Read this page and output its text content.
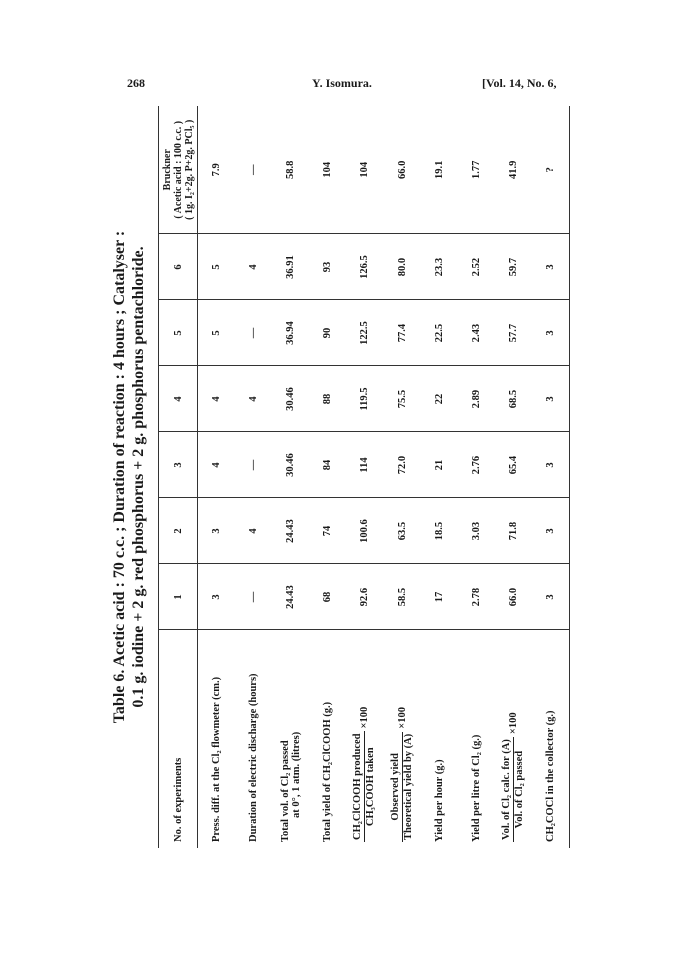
268	Y. Isomura.	[Vol. 14, No. 6,
Table 6. Acetic acid : 70 c.c. ; Duration of reaction : 4 hours ; Catalyser : 0.1 g. iodine + 2 g. red phosphorus + 2 g. phosphorus pentachloride.
No. of experiments	1	2	3	4	5	6	Bruckner ( Acetic acid : 100 c.c. ) ( 1g. I₂+2g. P+2g. PCl₅ )

Press. diff. at the Cl₂ flowmeter (cm.)	3	3	4	4	5	5	7.9
Duration of electric discharge (hours)	—	4	—	4	—	4	—
Total vol. of Cl₂ passed at 0°, 1 atm. (litres)	24.43	24.43	30.46	30.46	36.94	36.91	58.8
Total yield of CH₂ClCOOH (g.)	68	74	84	88	90	93	104

CH₂ClCOOH produced CH₃COOH taken
×100	92.6	100.6	114	119.5	122.5	126.5	104

Observed yield Theoretical yield by (A)
×100	58.5	63.5	72.0	75.5	77.4	80.0	66.0
Yield per hour (g.)	17	18.5	21	22	22.5	23.3	19.1
Yield per litre of Cl₂ (g.)	2.78	3.03	2.76	2.89	2.43	2.52	1.77

Vol. of Cl₂ calc. for (A) Vol. of Cl₂ passed
×100	66.0	71.8	65.4	68.5	57.7	59.7	41.9
CH₂COCl in the collector (g.)	3	3	3	3	3	3	?
